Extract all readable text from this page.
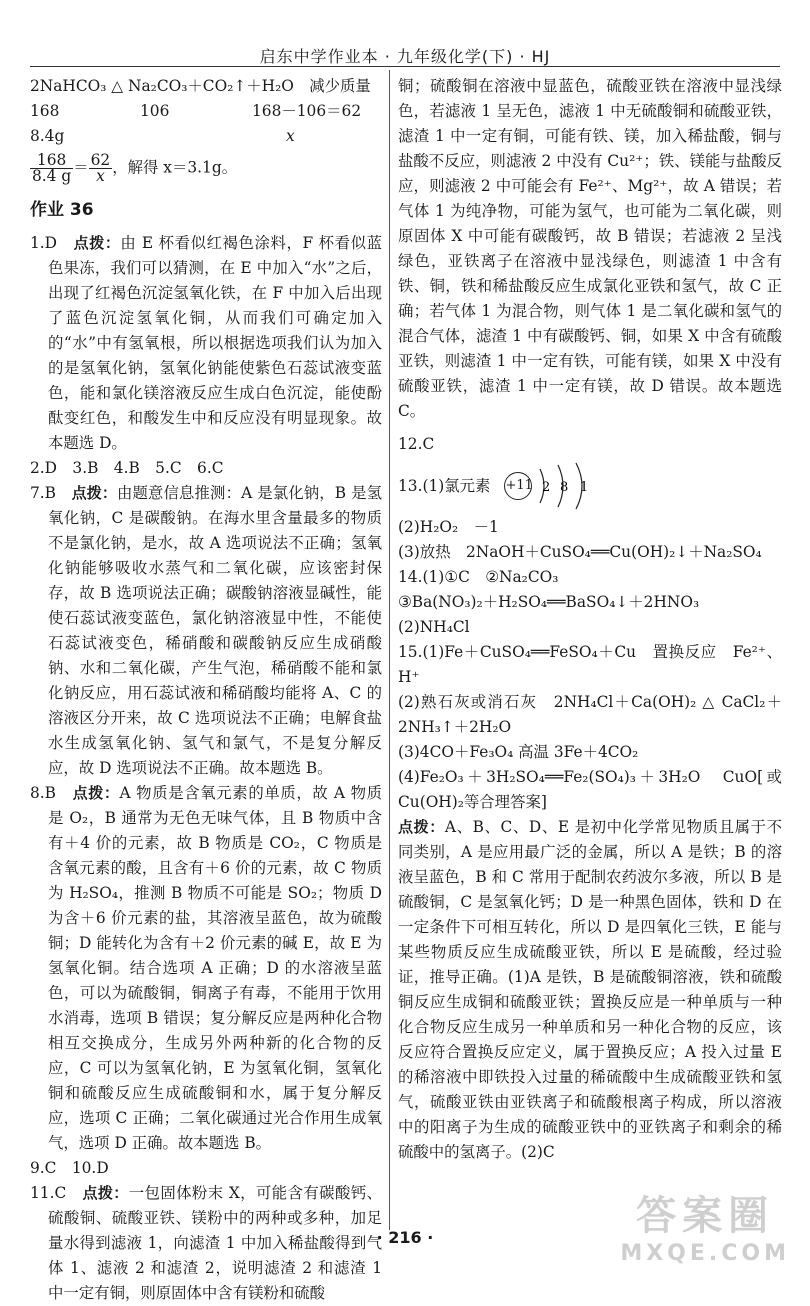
启东中学作业本 · 九年级化学(下) · HJ
2NaHCO₃ △ Na₂CO₃＋CO₂↑＋H₂O　减少质量
168	106	168－106＝62
8.4g	x
$\frac{168}{8.4 g} = \frac{62}{x}$ ，解得 x＝3.1g。
作业 36

1.D　 点拨：由 E 杯看似红褐色涂料，F 杯看似蓝色果冻，我们可以猜测，在 E 中加入“水”之后，出现了红褐色沉淀氢氧化铁，在 F 中加入后出现了蓝色沉淀氢氧化铜，从而我们可确定加入的“水”中有氢氧根，所以根据选项我们认为加入的是氢氧化钠，氢氧化钠能使紫色石蕊试液变蓝色，能和氯化镁溶液反应生成白色沉淀，能使酚酞变红色，和酸发生中和反应没有明显现象。故本题选 D。

2.D　3.B　4.B　5.C　6.C

7.B　 点拨：由题意信息推测：A 是氯化钠，B 是氢氧化钠，C 是碳酸钠。在海水里含量最多的物质不是氯化钠，是水，故 A 选项说法不正确；氢氧化钠能够吸收水蒸气和二氧化碳，应该密封保存，故 B 选项说法正确；碳酸钠溶液显碱性，能使石蕊试液变蓝色，氯化钠溶液显中性，不能使石蕊试液变色，稀硝酸和碳酸钠反应生成硝酸钠、水和二氧化碳，产生气泡，稀硝酸不能和氯化钠反应，用石蕊试液和稀硝酸均能将 A、C 的溶液区分开来，故 C 选项说法不正确；电解食盐水生成氢氧化钠、氢气和氯气，不是复分解反应，故 D 选项说法不正确。故本题选 B。

8.B　 点拨：A 物质是含氧元素的单质，故 A 物质是 O₂，B 通常为无色无味气体，且 B 物质中含有＋4 价的元素，故 B 物质是 CO₂，C 物质是含氧元素的酸，且含有＋6 价的元素，故 C 物质为 H₂SO₄，推测 B 物质不可能是 SO₂；物质 D 为含＋6 价元素的盐，其溶液呈蓝色，故为硫酸铜；D 能转化为含有＋2 价元素的碱 E，故 E 为氢氧化铜。结合选项 A 正确；D 的水溶液呈蓝色，可以为硫酸铜，铜离子有毒，不能用于饮用水消毒，选项 B 错误；复分解反应是两种化合物相互交换成分，生成另外两种新的化合物的反应，C 可以为氢氧化钠，E 为氢氧化铜，氢氧化铜和硫酸反应生成硫酸铜和水，属于复分解反应，选项 C 正确；二氧化碳通过光合作用生成氧气，选项 D 正确。故本题选 B。

9.C　10.D

11.C　 点拨：一包固体粉末 X，可能含有碳酸钙、硫酸铜、硫酸亚铁、镁粉中的两种或多种，加足量水得到滤液 1，向滤渣 1 中加入稀盐酸得到气体 1、滤液 2 和滤渣 2，说明滤渣 2 和滤渣 1 中一定有铜，则原固体中含有镁粉和硫酸

铜；硫酸铜在溶液中显蓝色，硫酸亚铁在溶液中显浅绿色，若滤液 1 呈无色，滤液 1 中无硫酸铜和硫酸亚铁，滤渣 1 中一定有铜，可能有铁、镁，加入稀盐酸，铜与盐酸不反应，则滤液 2 中没有 Cu²⁺；铁、镁能与盐酸反应，则滤液 2 中可能会有 Fe²⁺、Mg²⁺，故 A 错误；若气体 1 为纯净物，可能为氢气，也可能为二氧化碳，则原固体 X 中可能有碳酸钙，故 B 错误；若滤液 2 呈浅绿色，亚铁离子在溶液中显浅绿色，则滤渣 1 中含有铁、铜，铁和稀盐酸反应生成氯化亚铁和氢气，故 C 正确；若气体 1 为混合物，则气体 1 是二氧化碳和氢气的混合气体，滤渣 1 中有碳酸钙、铜，如果 X 中含有硫酸亚铁，则滤渣 1 中一定有铁，可能有镁，如果 X 中没有硫酸亚铁，滤渣 1 中一定有镁，故 D 错误。故本题选 C。

12.C

13.(1)氯元素 +11 2 8 1

(2)H₂O₂　－1

(3)放热　2NaOH＋CuSO₄══Cu(OH)₂↓＋Na₂SO₄

14.(1)①C　②Na₂CO₃

③Ba(NO₃)₂＋H₂SO₄══BaSO₄↓＋2HNO₃

(2)NH₄Cl

15.(1)Fe＋CuSO₄══FeSO₄＋Cu　置换反应　Fe²⁺、H⁺

(2)熟石灰或消石灰　2NH₄Cl＋Ca(OH)₂ △ CaCl₂＋2NH₃↑＋2H₂O

(3)4CO＋Fe₃O₄ 高温 3Fe＋4CO₂

(4)Fe₂O₃＋3H₂SO₄══Fe₂(SO₄)₃＋3H₂O　CuO[或 Cu(OH)₂等合理答案]

点拨：A、B、C、D、E 是初中化学常见物质且属于不同类别，A 是应用最广泛的金属，所以 A 是铁；B 的溶液呈蓝色，B 和 C 常用于配制农药波尔多液，所以 B 是硫酸铜，C 是氢氧化钙；D 是一种黑色固体，铁和 D 在一定条件下可相互转化，所以 D 是四氧化三铁，E 能与某些物质反应生成硫酸亚铁，所以 E 是硫酸，经过验证，推导正确。(1)A 是铁，B 是硫酸铜溶液，铁和硫酸铜反应生成铜和硫酸亚铁；置换反应是一种单质与一种化合物反应生成另一种单质和另一种化合物的反应，该反应符合置换反应定义，属于置换反应；A 投入过量 E 的稀溶液中即铁投入过量的稀硫酸中生成硫酸亚铁和氢气，硫酸亚铁由亚铁离子和硫酸根离子构成，所以溶液中的阳离子为生成的硫酸亚铁中的亚铁离子和剩余的稀硫酸中的氢离子。(2)C

· 216 ·	答案圈
MXQE.COM
